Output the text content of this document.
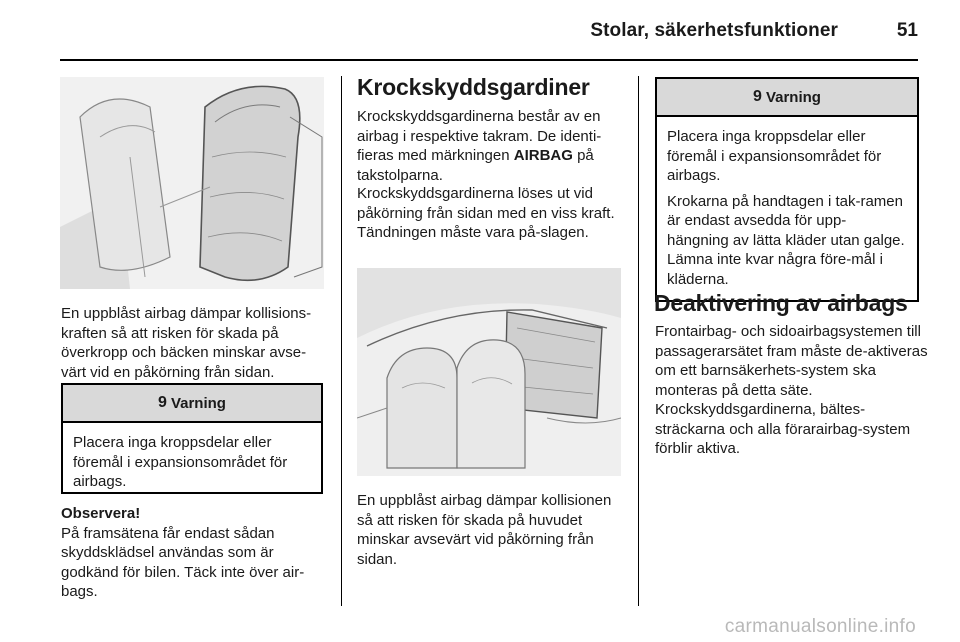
Stolar, säkerhetsfunktioner	51

En uppblåst airbag dämpar kollisions-kraften så att risken för skada på överkropp och bäcken minskar avse-värt vid en påkörning från sidan.

9 Varning

Placera inga kroppsdelar eller föremål i expansionsområdet för airbags.

Observera!
På framsätena får endast sådan skyddsklädsel användas som är godkänd för bilen. Täck inte över air-bags.

Krockskyddsgardiner

Krockskyddsgardinerna består av en airbag i respektive takram. De identi-fieras med märkningen AIRBAG på takstolparna.

Krockskyddsgardinerna löses ut vid påkörning från sidan med en viss kraft. Tändningen måste vara på-slagen.

En uppblåst airbag dämpar kollisionen så att risken för skada på huvudet minskar avsevärt vid påkörning från sidan.

9 Varning

Placera inga kroppsdelar eller föremål i expansionsområdet för airbags.

Krokarna på handtagen i tak-ramen är endast avsedda för upp-hängning av lätta kläder utan galge. Lämna inte kvar några före-mål i kläderna.

Deaktivering av airbags

Frontairbag- och sidoairbagsystemen till passagerarsätet fram måste de-aktiveras om ett barnsäkerhets-system ska monteras på detta säte. Krockskyddsgardinerna, bältes-sträckarna och alla förarairbag-system förblir aktiva.

carmanualsonline.info
